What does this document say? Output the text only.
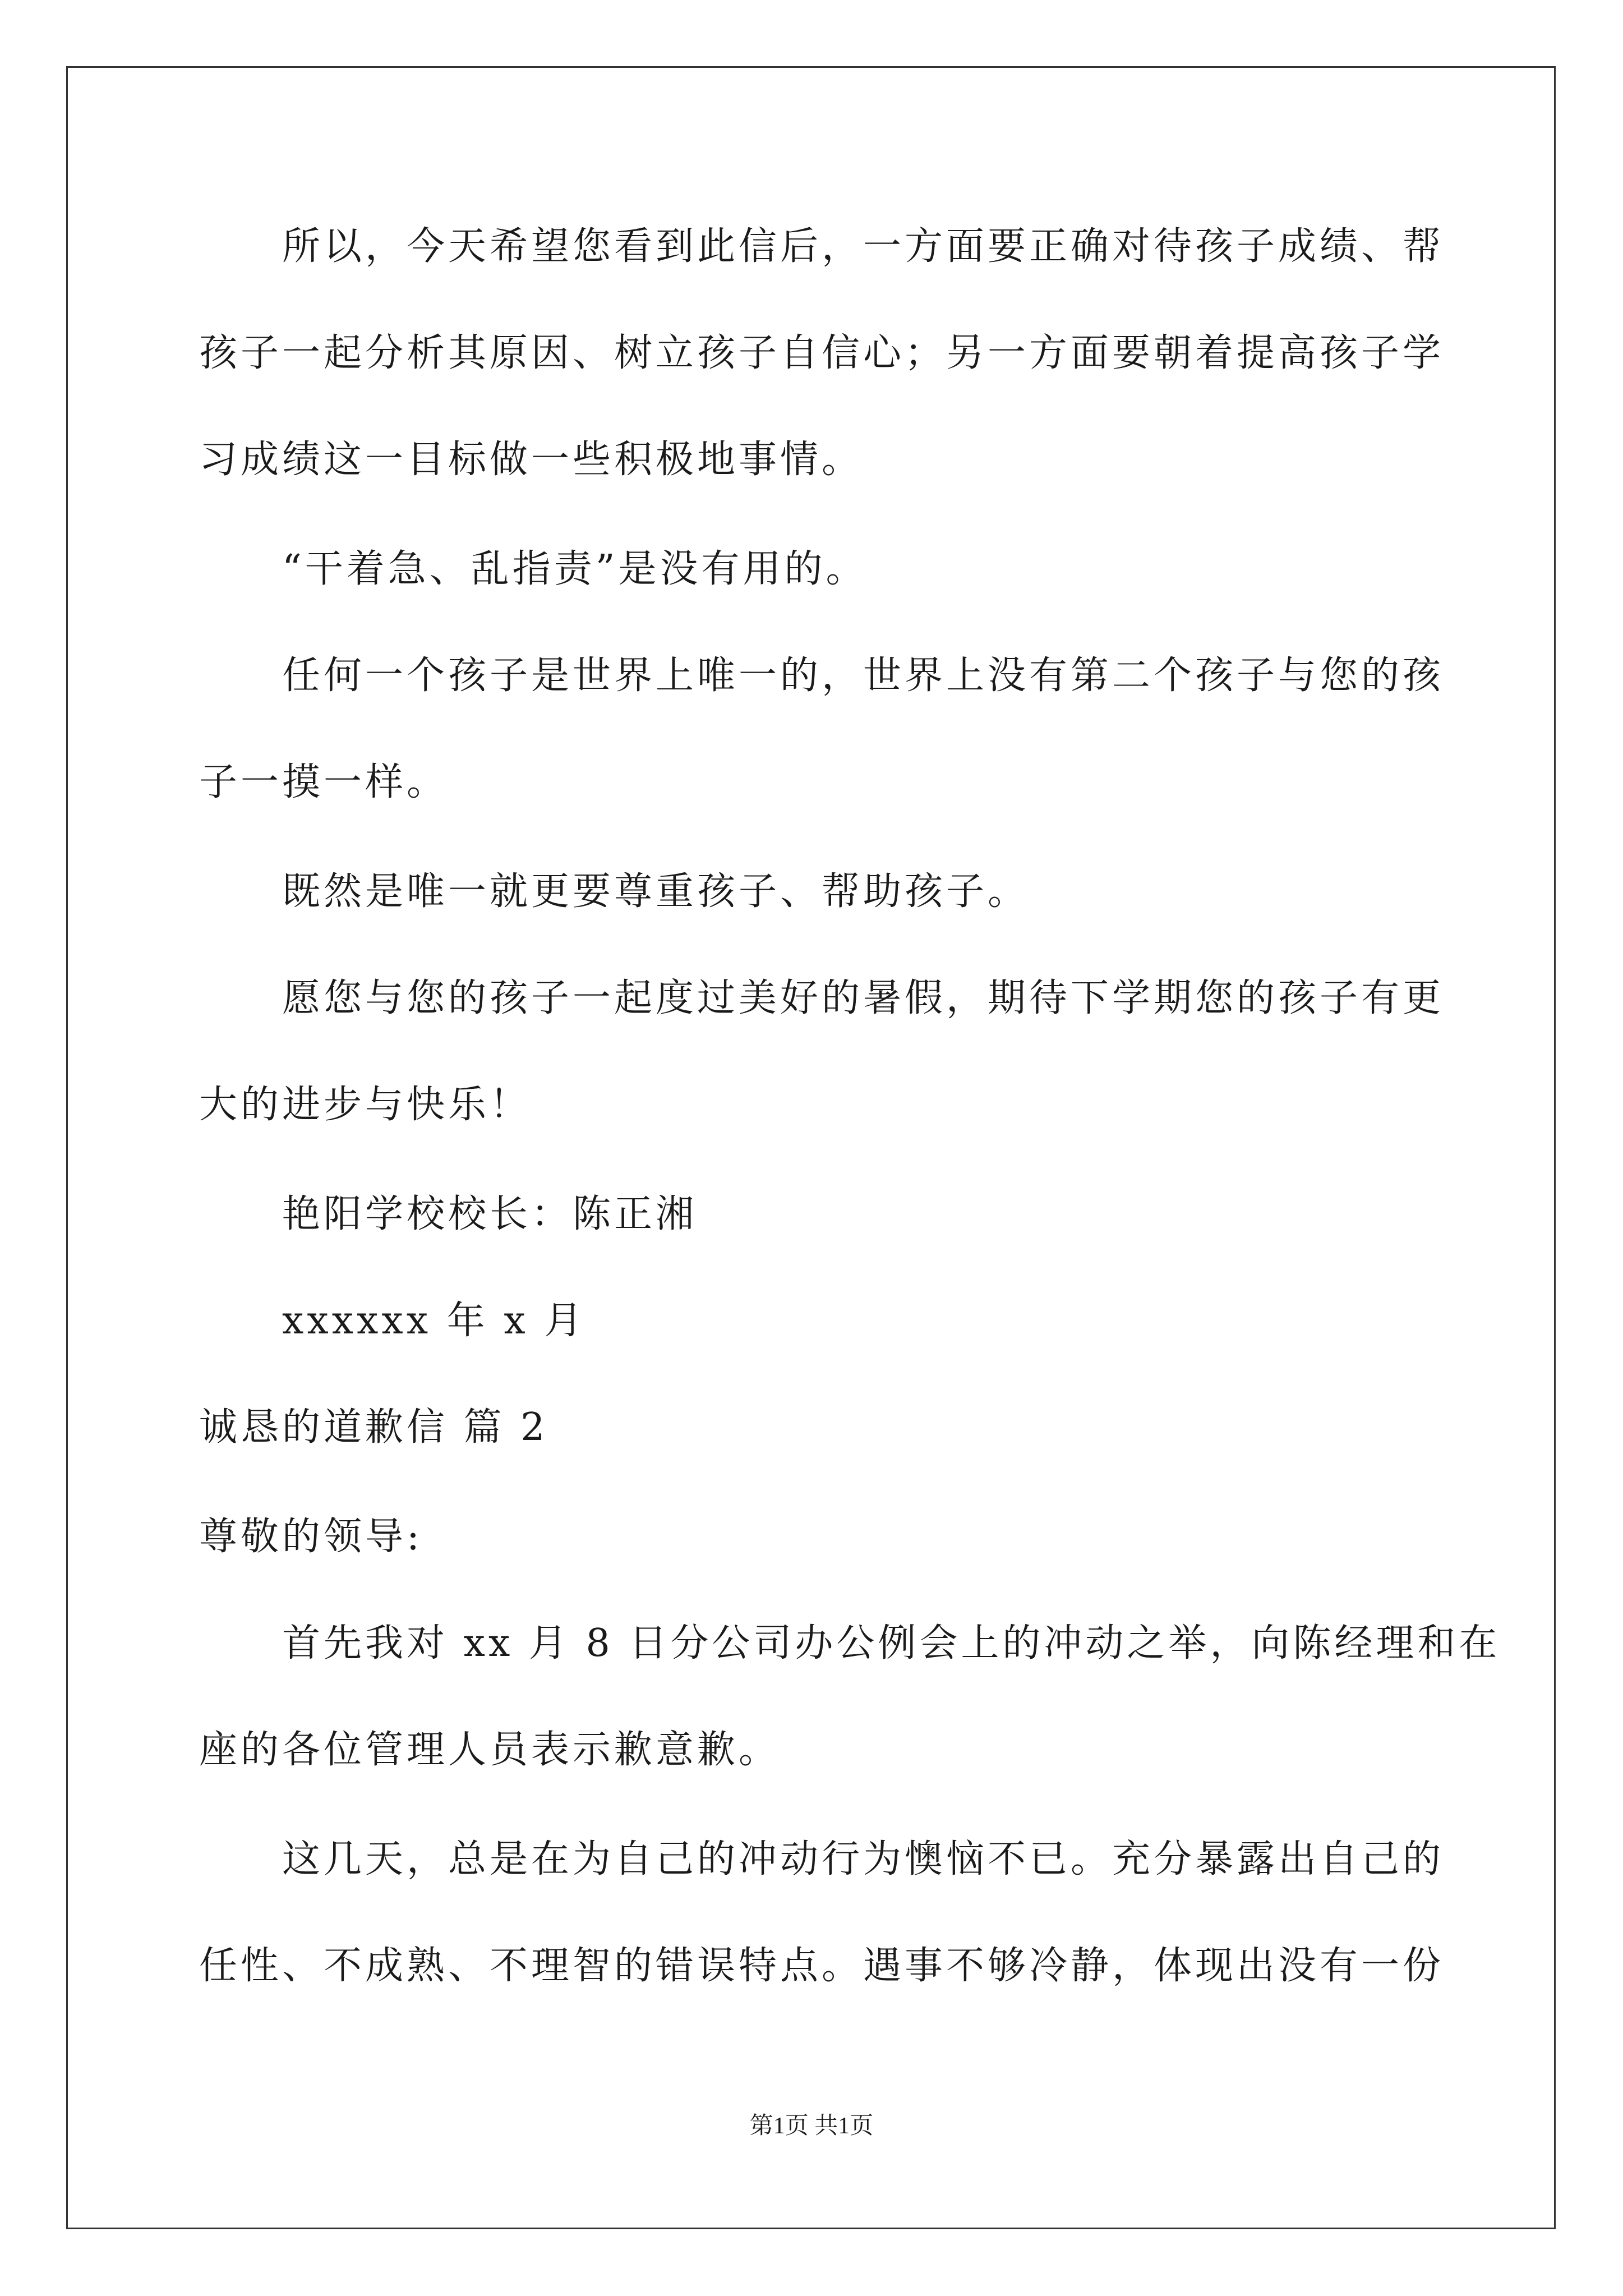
所以，今天希望您看到此信后，一方面要正确对待孩子成绩、帮
孩子一起分析其原因、树立孩子自信心；另一方面要朝着提高孩子学
习成绩这一目标做一些积极地事情。
“干着急、乱指责”是没有用的。
任何一个孩子是世界上唯一的，世界上没有第二个孩子与您的孩
子一摸一样。
既然是唯一就更要尊重孩子、帮助孩子。
愿您与您的孩子一起度过美好的暑假，期待下学期您的孩子有更
大的进步与快乐！
艳阳学校校长：陈正湘
xxxxxx 年 x 月
诚恳的道歉信 篇 2
尊敬的领导:
首先我对 xx 月 8 日分公司办公例会上的冲动之举，向陈经理和在
座的各位管理人员表示歉意歉。
这几天，总是在为自己的冲动行为懊恼不已。充分暴露出自己的
任性、不成熟、不理智的错误特点。遇事不够冷静，体现出没有一份
第1页 共1页
